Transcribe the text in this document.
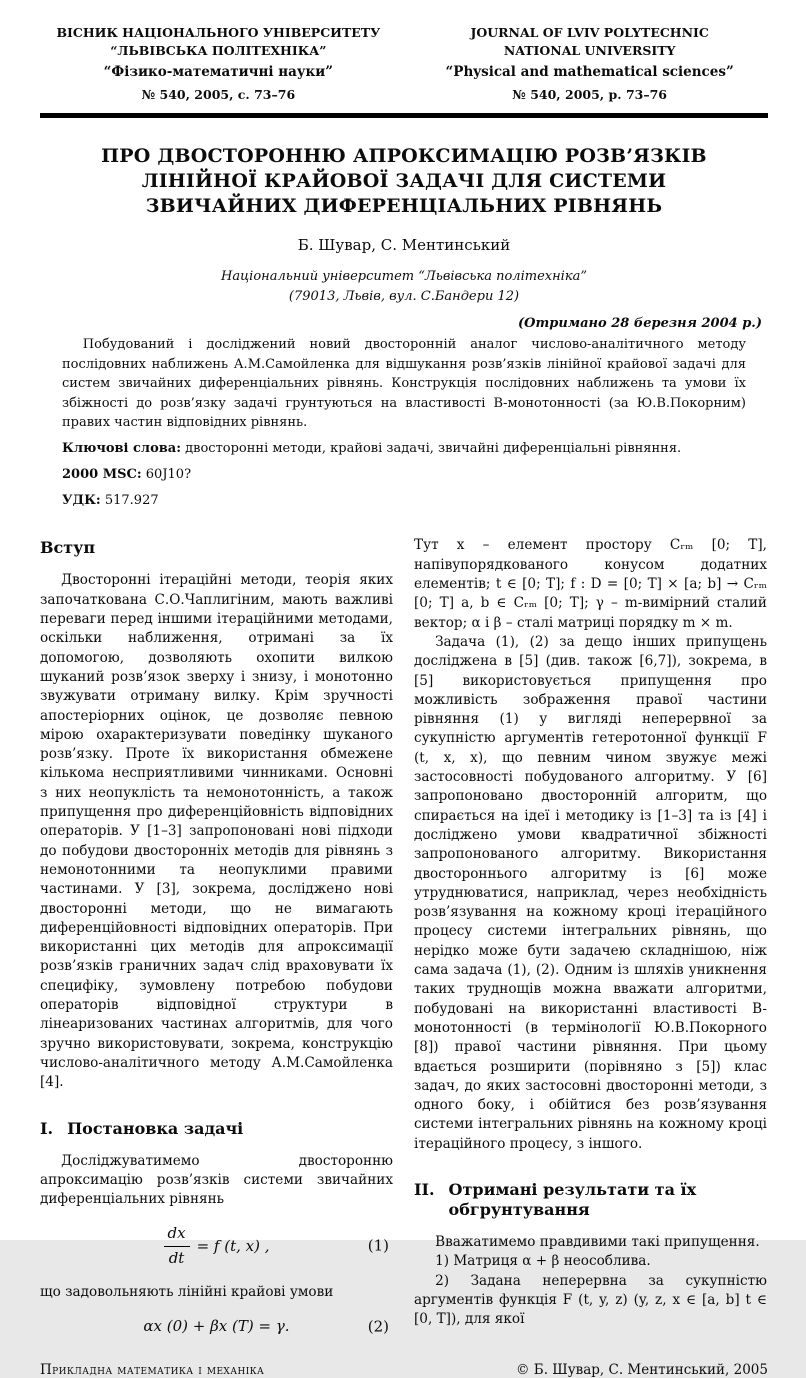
ВІСНИК НАЦІОНАЛЬНОГО УНІВЕРСИТЕТУ
“ЛЬВІВСЬКА ПОЛІТЕХНІКА”
“Фізико-математичні науки”
№ 540, 2005, с. 73–76
JOURNAL OF LVIV POLYTECHNIC
NATIONAL UNIVERSITY
“Physical and mathematical sciences”
№ 540, 2005, p. 73–76
ПРО ДВОСТОРОННЮ АПРОКСИМАЦІЮ РОЗВ’ЯЗКІВ ЛІНІЙНОЇ КРАЙОВОЇ ЗАДАЧІ ДЛЯ СИСТЕМИ ЗВИЧАЙНИХ ДИФЕРЕНЦІАЛЬНИХ РІВНЯНЬ
Б. Шувар, С. Ментинський
Національний університет “Львівська політехніка”
(79013, Львів, вул. С.Бандери 12)
(Отримано 28 березня 2004 р.)

Побудований і досліджений новий двосторонній аналог числово-аналітичного методу послідовних наближень А.М.Самойленка для відшукання розв’язків лінійної крайової задачі для систем звичайних диференціальних рівнянь. Конструкція послідовних наближень та умови їх збіжності до розв’язку задачі грунтуються на властивості В-монотонності (за Ю.В.Покорним) правих частин відповідних рівнянь.

Ключові слова: двосторонні методи, крайові задачі, звичайні диференціальні рівняння.
2000 MSC: 60J10?
УДК: 517.927
Вступ

Двосторонні ітераційні методи, теорія яких започаткована С.О.Чаплигіним, мають важливі переваги перед іншими ітераційними методами, оскільки наближення, отримані за їх допомогою, дозволяють охопити вилкою шуканий розв’язок зверху і знизу, і монотонно звужувати отриману вилку. Крім зручності апостеріорних оцінок, це дозволяє певною мірою охарактеризувати поведінку шуканого розв’язку. Проте їх використання обмежене кількома несприятливими чинниками. Основні з них неопуклість та немонотонність, а також припущення про диференційовність відповідних операторів. У [1–3] запропоновані нові підходи до побудови двосторонніх методів для рівнянь з немонотонними та неопуклими правими частинами. У [3], зокрема, досліджено нові двосторонні методи, що не вимагають диференційовності відповідних операторів. При використанні цих методів для апроксимації розв’язків граничних задач слід враховувати їх специфіку, зумовлену потребою побудови операторів відповідної структури в лінеаризованих частинах алгоритмів, для чого зручно використовувати, зокрема, конструкцію числово-аналітичного методу А.М.Самойленка [4].

I. Постановка задачі

Досліджуватимемо двосторонню апроксимацію розв’язків системи звичайних диференціальних рівнянь

$\frac{dx}{dt} = f$ (t, x) ,	(1)

що задовольняють лінійні крайові умови

αx (0) + βx (T) = γ.	(2)

Тут x – елемент простору Cᵣₘ [0; T], напівупорядкованого конусом додатних елементів; t ∈ [0; T]; f : D = [0; T] × [a; b] → Cᵣₘ [0; T] a, b ∈ Cᵣₘ [0; T]; γ – m-вимірний сталий вектор; α і β – сталі матриці порядку m × m.

Задача (1), (2) за дещо інших припущень досліджена в [5] (див. також [6,7]), зокрема, в [5] використовується припущення про можливість зображення правої частини рівняння (1) у вигляді неперервної за сукупністю аргументів гетеротонної функції F (t, x, x), що певним чином звужує межі застосовності побудованого алгоритму. У [6] запропоновано двосторонній алгоритм, що спирається на ідеї і методику із [1–3] та із [4] і досліджено умови квадратичної збіжності запропонованого алгоритму. Використання двостороннього алгоритму із [6] може утруднюватися, наприклад, через необхідність розв’язування на кожному кроці ітераційного процесу системи інтегральних рівнянь, що нерідко може бути задачею складнішою, ніж сама задача (1), (2). Одним із шляхів уникнення таких труднощів можна вважати алгоритми, побудовані на використанні властивості B-монотонності (в термінології Ю.В.Покорного [8]) правої частини рівняння. При цьому вдається розширити (порівняно з [5]) клас задач, до яких застосовні двосторонні методи, з одного боку, і обійтися без розв’язування системи інтегральних рівнянь на кожному кроці ітераційного процесу, з іншого.

II. Отримані результати та їх обгрунтування

Вважатимемо правдивими такі припущення.

1) Матриця α + β неособлива.

2) Задана неперервна за сукупністю аргументів функція F (t, y, z) (y, z, x ∈ [a, b] t ∈ [0, T]), для якої

Прикладна математика і механіка	© Б. Шувар, С. Ментинський, 2005
